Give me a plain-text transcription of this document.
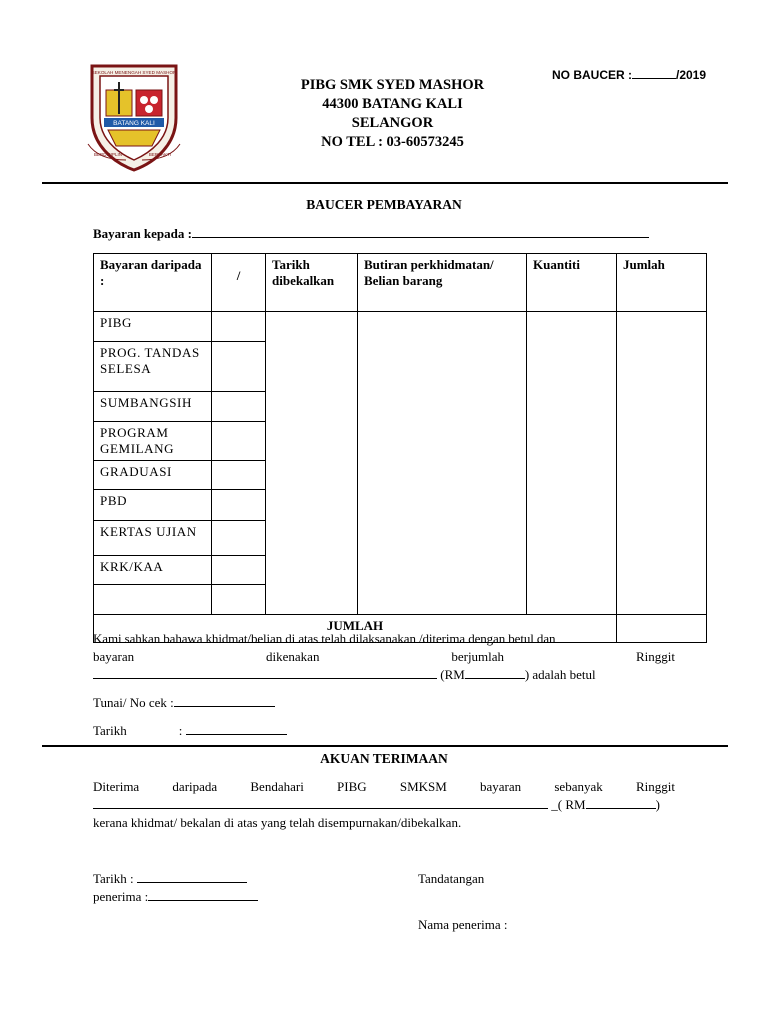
BATANG KALI
SEKOLAH MENENGAH SYED MASHOR
BERDISIPLIN	BERBAKTI
PIBG SMK SYED MASHOR
44300 BATANG KALI
SELANGOR
NO TEL : 03-60573245
NO BAUCER :	/2019
BAUCER PEMBAYARAN
Bayaran kepada :
Bayaran daripada :	/	Tarikh dibekalkan	Butiran perkhidmatan/ Belian barang	Kuantiti	Jumlah
PIBG					
PROG. TANDAS SELESA					
SUMBANGSIH					
PROGRAM GEMILANG					
GRADUASI					
PBD					
KERTAS UJIAN					
KRK/KAA					

JUMLAH					
Kami sahkan bahawa khidmat/belian di atas telah dilaksanakan /diterima dengan betul dan
bayaran	dikenakan	berjumlah	Ringgit
(RM	) adalah betul
Tunai/ No cek :
Tarikh	:
AKUAN TERIMAAN
Diterima	daripada	Bendahari	PIBG	SMKSM	bayaran	sebanyak	Ringgit
_( RM	)
kerana khidmat/ bekalan di atas yang telah disempurnakan/dibekalkan.
Tarikh :	Tandatangan
penerima :
Nama penerima :
